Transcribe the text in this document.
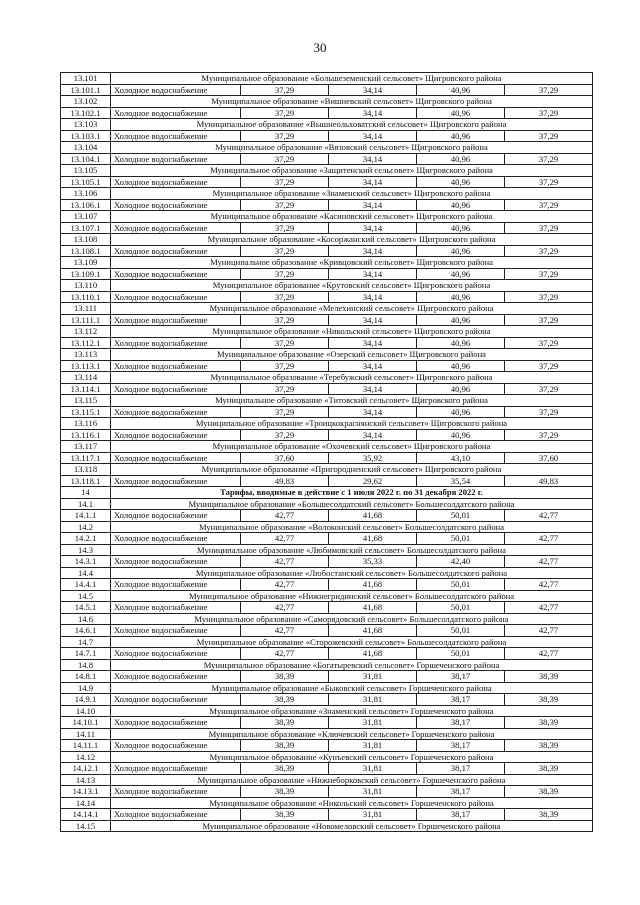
30
13.101	Муниципальное образование «Большеземенский сельсовет» Щигровского района				
13.101.1	Холодное водоснабжение	37,29	34,14	40,96	37,29
13.102	Муниципальное образование «Вишневский сельсовет» Щигровского района				
13.102.1	Холодное водоснабжение	37,29	34,14	40,96	37,29
13.103	Муниципальное образование «Вышнеольховатский сельсовет» Щигровского района				
13.103.1	Холодное водоснабжение	37,29	34,14	40,96	37,29
13.104	Муниципальное образование «Вязовский сельсовет» Щигровского района				
13.104.1	Холодное водоснабжение	37,29	34,14	40,96	37,29
13.105	Муниципальное образование «Защитенский сельсовет» Щигровского района				
13.105.1	Холодное водоснабжение	37,29	34,14	40,96	37,29
13.106	Муниципальное образование «Знаменский сельсовет» Щигровского района				
13.106.1	Холодное водоснабжение	37,29	34,14	40,96	37,29
13.107	Муниципальное образование «Касиновский сельсовет» Щигровского района				
13.107.1	Холодное водоснабжение	37,29	34,14	40,96	37,29
13.108	Муниципальное образование «Косоржанский сельсовет» Щигровского района				
13.108.1	Холодное водоснабжение	37,29	34,14	40,96	37,29
13.109	Муниципальное образование «Кривцовский сельсовет» Щигровского района				
13.109.1	Холодное водоснабжение	37,29	34,14	40,96	37,29
13.110	Муниципальное образование «Крутовский сельсовет» Щигровского района				
13.110.1	Холодное водоснабжение	37,29	34,14	40,96	37,29
13.111	Муниципальное образование «Мелехинский сельсовет» Щигровского района				
13.111.1	Холодное водоснабжение	37,29	34,14	40,96	37,29
13.112	Муниципальное образование «Никольский сельсовет» Щигровского района				
13.112.1	Холодное водоснабжение	37,29	34,14	40,96	37,29
13.113	Муниципальное образование «Озерский сельсовет» Щигровского района				
13.113.1	Холодное водоснабжение	37,29	34,14	40,96	37,29
13.114	Муниципальное образование «Теребужский сельсовет» Щигровского района				
13.114.1	Холодное водоснабжение	37,29	34,14	40,96	37,29
13.115	Муниципальное образование «Титовский сельсовет» Щигровского района				
13.115.1	Холодное водоснабжение	37,29	34,14	40,96	37,29
13.116	Муниципальное образование «Троицкокраснянский сельсовет» Щигровского района				
13.116.1	Холодное водоснабжение	37,29	34,14	40,96	37,29
13.117	Муниципальное образование «Охочевский сельсовет» Щигровского района				
13.117.1	Холодное водоснабжение	37,60	35,92	43,10	37,60
13.118	Муниципальное образование «Пригородненский сельсовет» Щигровского района				
13.118.1	Холодное водоснабжение	49,83	29,62	35,54	49,83
14	Тарифы, вводимые в действие с 1 июля 2022 г. по 31 декабря 2022 г.				
14.1	Муниципальное образование «Большесолдатский сельсовет» Большесолдатского района				
14.1.1	Холодное водоснабжение	42,77	41,68	50,01	42,77
14.2	Муниципальное образование «Волоконский сельсовет» Большесолдатского района				
14.2.1	Холодное водоснабжение	42,77	41,68	50,01	42,77
14.3	Муниципальное образование «Любимовский сельсовет» Большесолдатского района				
14.3.1	Холодное водоснабжение	42,77	35,33	42,40	42,77
14.4	Муниципальное образование «Любостанский сельсовет» Большесолдатского района				
14.4.1	Холодное водоснабжение	42,77	41,68	50,01	42,77
14.5	Муниципальное образование «Нижнегридинский сельсовет» Большесолдатского района				
14.5.1	Холодное водоснабжение	42,77	41,68	50,01	42,77
14.6	Муниципальное образование «Саморядовский сельсовет» Большесолдатского района				
14.6.1	Холодное водоснабжение	42,77	41,68	50,01	42,77
14.7	Муниципальное образование «Сторожевский сельсовет» Большесолдатского района				
14.7.1	Холодное водоснабжение	42,77	41,68	50,01	42,77
14.8	Муниципальное образование «Богатыревский сельсовет» Горшеченского района				
14.8.1	Холодное водоснабжение	38,39	31,81	38,17	38,39
14.9	Муниципальное образование «Быковский сельсовет» Горшеченского района				
14.9.1	Холодное водоснабжение	38,39	31,81	38,17	38,39
14.10	Муниципальное образование «Знаменский сельсовет» Горшеченского района				
14.10.1	Холодное водоснабжение	38,39	31,81	38,17	38,39
14.11	Муниципальное образование «Ключевский сельсовет» Горшеченского района				
14.11.1	Холодное водоснабжение	38,39	31,81	38,17	38,39
14.12	Муниципальное образование «Кунъевский сельсовет» Горшеченского района				
14.12.1	Холодное водоснабжение	38,39	31,81	38,17	38,39
14.13	Муниципальное образование «Нижнеборковский сельсовет» Горшеченского района				
14.13.1	Холодное водоснабжение	38,39	31,81	38,17	38,39
14.14	Муниципальное образование «Никольский сельсовет» Горшеченского района				
14.14.1	Холодное водоснабжение	38,39	31,81	38,17	38,39
14.15	Муниципальное образование «Новомеловский сельсовет» Горшеченского района				
